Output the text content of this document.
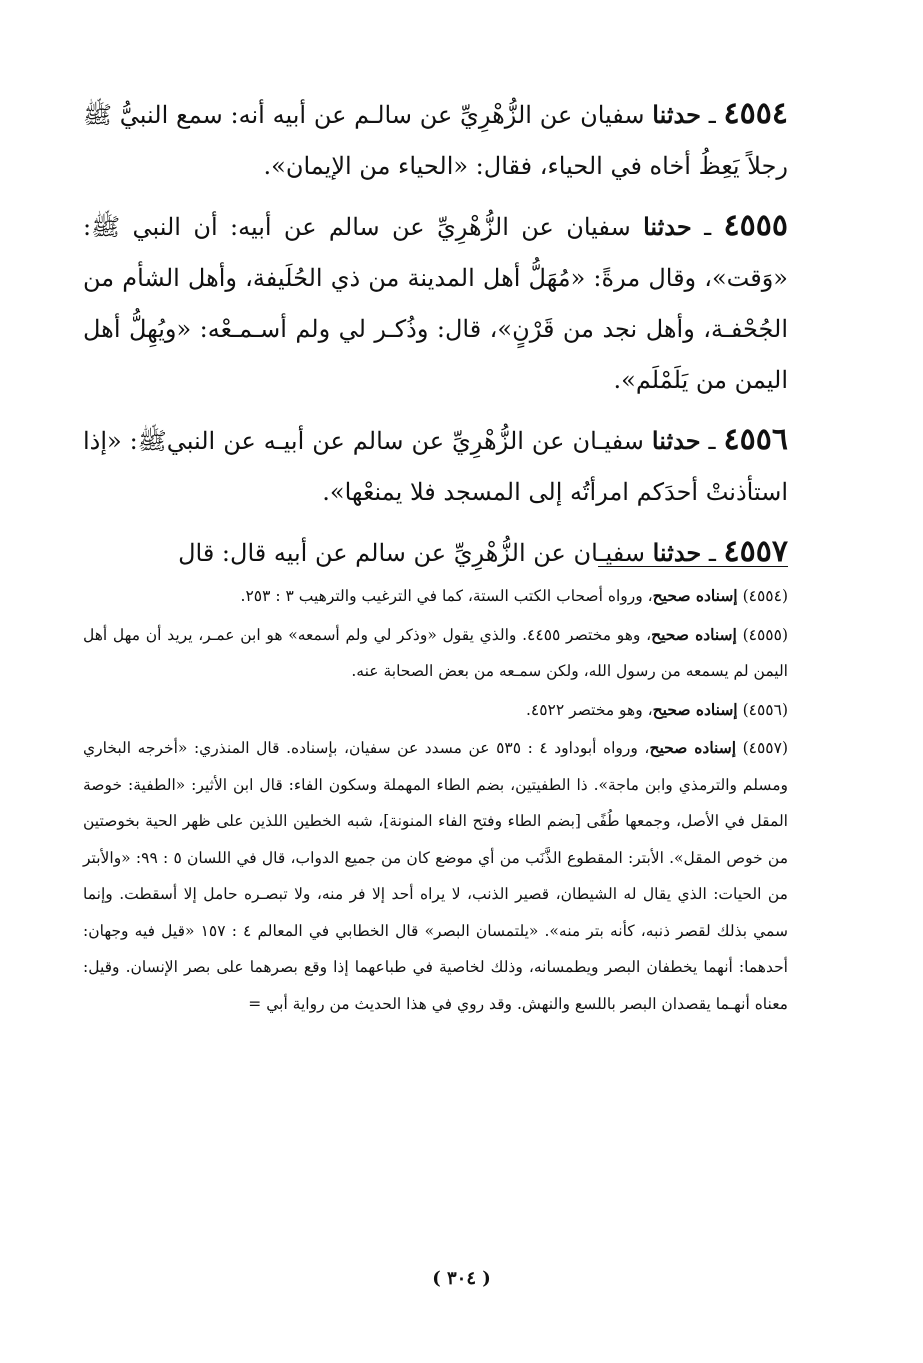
٤٥٥٤ ـ حدثنا سفيان عن الزُّهْرِيِّ عن سالـم عن أبيه أنه: سمع النبيُّ ﷺ رجلاً يَعِظُ أخاه في الحياء، فقال: «الحياء من الإيمان».

٤٥٥٥ ـ حدثنا سفيان عن الزُّهْرِيِّ عن سالم عن أبيه: أن النبي ﷺ: «وَقت»، وقال مرةً: «مُهَلُّ أهل المدينة من ذي الحُلَيفة، وأهل الشأم من الجُحْفـة، وأهل نجد من قَرْنٍ»، قال: وذُكـر لي ولم أسـمـعْه: «ويُهِلُّ أهل اليمن من يَلَمْلَم».

٤٥٥٦ ـ حدثنا سفيـان عن الزُّهْرِيِّ عن سالم عن أبيـه عن النبيﷺ: «إذا استأذنتْ أحدَكم امرأتُه إلى المسجد فلا يمنعْها».

٤٥٥٧ ـ حدثنا سفيـان عن الزُّهْرِيِّ عن سالم عن أبيه قال: قال

(٤٥٥٤) إسناده صحيح، ورواه أصحاب الكتب الستة، كما في الترغيب والترهيب ٣ : ٢٥٣.

(٤٥٥٥) إسناده صحيح، وهو مختصر ٤٤٥٥. والذي يقول «وذكر لي ولم أسمعه» هو ابن عمـر، يريد أن مهل أهل اليمن لم يسمعه من رسول الله، ولكن سمـعه من بعض الصحابة عنه.

(٤٥٥٦) إسناده صحيح، وهو مختصر ٤٥٢٢.

(٤٥٥٧) إسناده صحيح، ورواه أبوداود ٤ : ٥٣٥ عن مسدد عن سفيان، بإسناده. قال المنذري: «أخرجه البخاري ومسلم والترمذي وابن ماجة». ذا الطفيتين، بضم الطاء المهملة وسكون الفاء: قال ابن الأثير: «الطفية: خوصة المقل في الأصل، وجمعها طُفًى [بضم الطاء وفتح الفاء المنونة]، شبه الخطين اللذين على ظهر الحية بخوصتين من خوص المقل». الأبتر: المقطوع الذَّنَب من أي موضع كان من جميع الدواب، قال في اللسان ٥ : ٩٩: «والأبتر من الحيات: الذي يقال له الشيطان، قصير الذنب، لا يراه أحد إلا فر منه، ولا تبصـره حامل إلا أسقطت. وإنما سمي بذلك لقصر ذنبه، كأنه بتر منه». «يلتمسان البصر» قال الخطابي في المعالم ٤ : ١٥٧ «قيل فيه وجهان: أحدهما: أنهما يخطفان البصر ويطمسانه، وذلك لخاصية في طباعهما إذا وقع بصرهما على بصر الإنسان. وقيل: معناه أنهـما يقصدان البصر باللسع والنهش. وقد روي في هذا الحديث من رواية أبي =

( ٣٠٤ )
